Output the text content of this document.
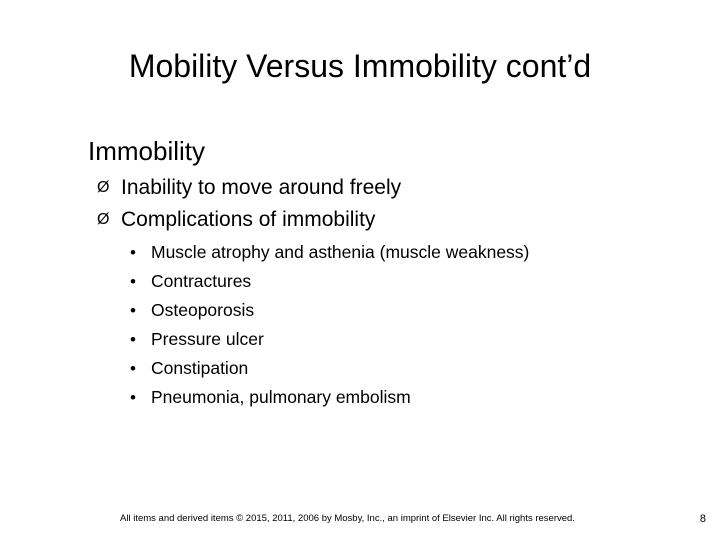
Mobility Versus Immobility cont’d
Immobility
Ø Inability to move around freely
Ø Complications of immobility
• Muscle atrophy and asthenia (muscle weakness)
• Contractures
• Osteoporosis
• Pressure ulcer
• Constipation
• Pneumonia, pulmonary embolism
All items and derived items © 2015, 2011, 2006 by Mosby, Inc., an imprint of Elsevier Inc. All rights reserved.	8
